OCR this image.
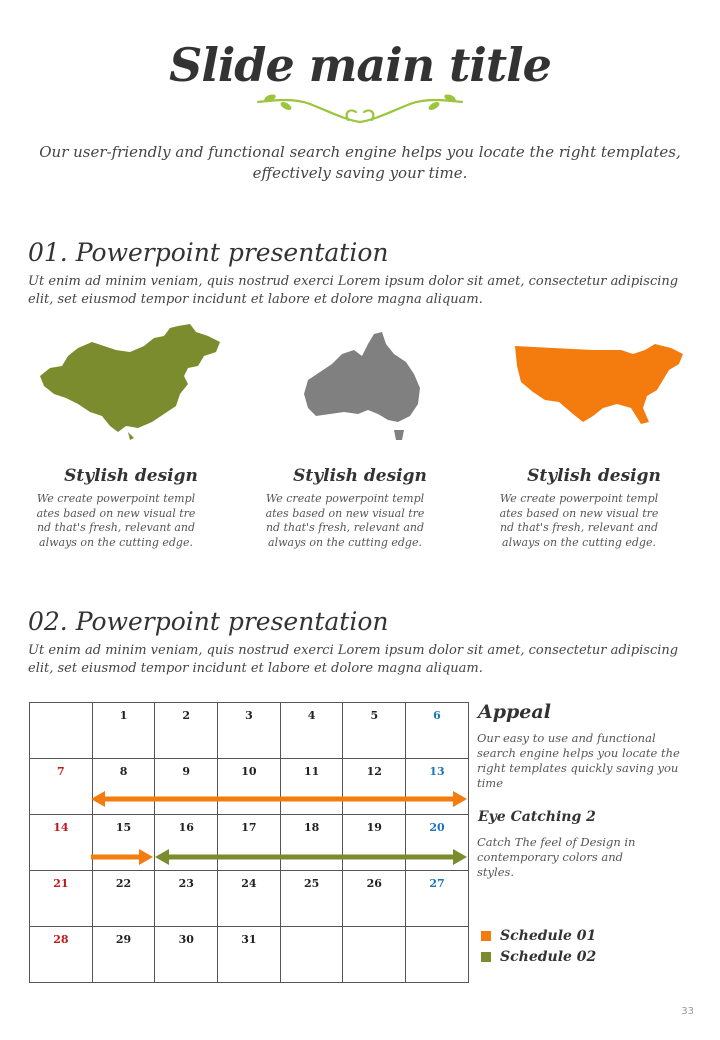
Slide main title
Our user-friendly and functional search engine helps you locate the right templates, effectively saving your time.
01. Powerpoint presentation
Ut enim ad minim veniam, quis nostrud exerci Lorem ipsum dolor sit amet, consectetur adipiscing elit, set eiusmod tempor incidunt et labore et dolore magna aliquam.
Stylish design
We create powerpoint templates based on new visual trend that's fresh, relevant and always on the cutting edge.
Stylish design
We create powerpoint templates based on new visual trend that's fresh, relevant and always on the cutting edge.
Stylish design
We create powerpoint templates based on new visual trend that's fresh, relevant and always on the cutting edge.
02. Powerpoint presentation
Ut enim ad minim veniam, quis nostrud exerci Lorem ipsum dolor sit amet, consectetur adipiscing elit, set eiusmod tempor incidunt et labore et dolore magna aliquam.
	1	2	3	4	5	6
7	8	9	10	11	12	13
14	15	16	17	18	19	20
21	22	23	24	25	26	27
28	29	30	31			
Appeal
Our easy to use and functional search engine helps you locate the right templates quickly saving you time
Eye Catching 2
Catch The feel of Design in contemporary colors and styles.
Schedule 01
Schedule 02
33
